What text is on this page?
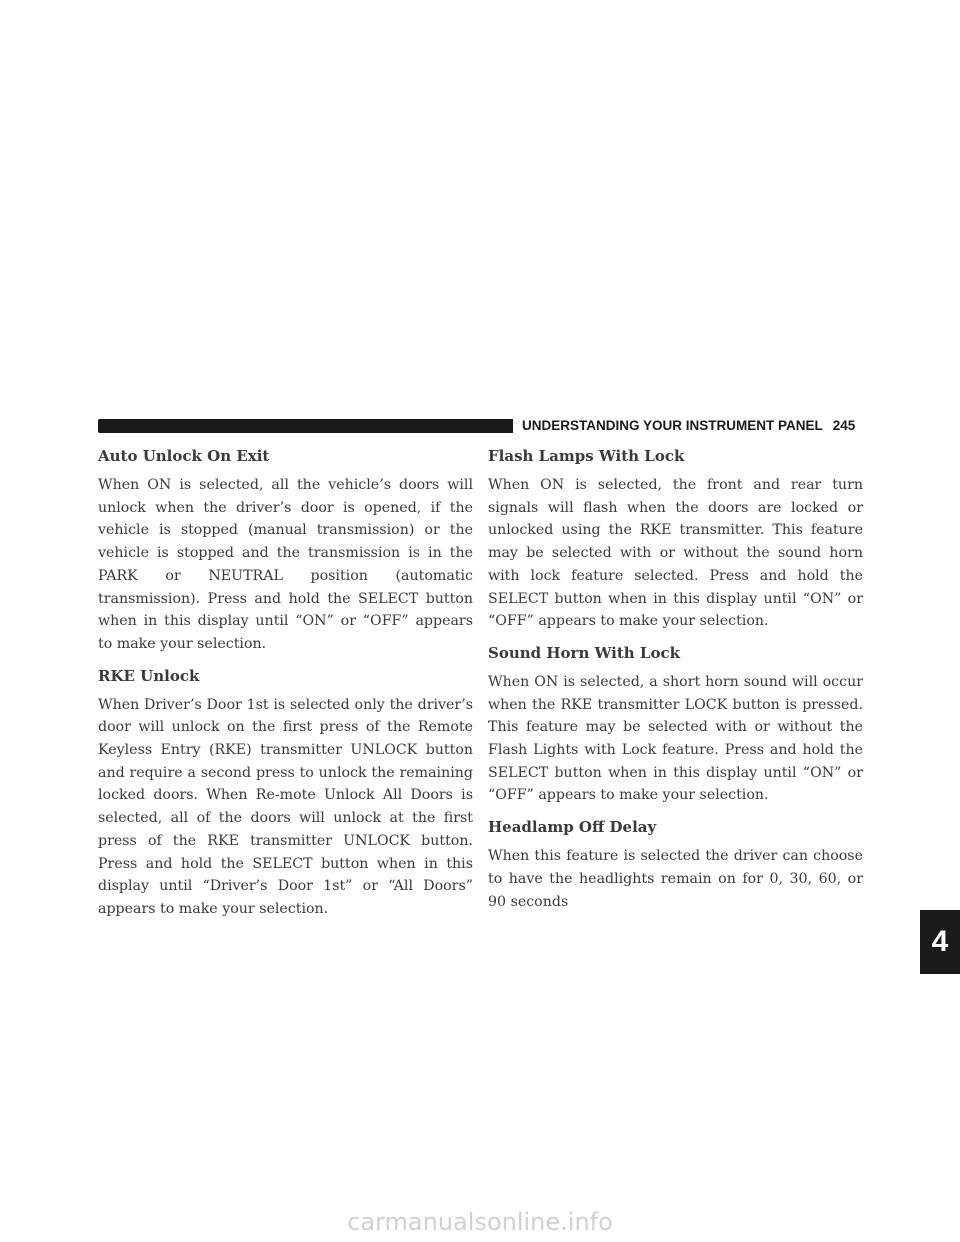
UNDERSTANDING YOUR INSTRUMENT PANEL 245
Auto Unlock On Exit

When ON is selected, all the vehicle’s doors will unlock when the driver’s door is opened, if the vehicle is stopped (manual transmission) or the vehicle is stopped and the transmission is in the PARK or NEUTRAL position (automatic transmission). Press and hold the SELECT button when in this display until “ON” or “OFF” appears to make your selection.

RKE Unlock

When Driver’s Door 1st is selected only the driver’s door will unlock on the first press of the Remote Keyless Entry (RKE) transmitter UNLOCK button and require a second press to unlock the remaining locked doors. When Re-mote Unlock All Doors is selected, all of the doors will unlock at the first press of the RKE transmitter UNLOCK button. Press and hold the SELECT button when in this display until “Driver’s Door 1st” or “All Doors” appears to make your selection.

Flash Lamps With Lock

When ON is selected, the front and rear turn signals will flash when the doors are locked or unlocked using the RKE transmitter. This feature may be selected with or without the sound horn with lock feature selected. Press and hold the SELECT button when in this display until “ON” or “OFF” appears to make your selection.

Sound Horn With Lock

When ON is selected, a short horn sound will occur when the RKE transmitter LOCK button is pressed. This feature may be selected with or without the Flash Lights with Lock feature. Press and hold the SELECT button when in this display until “ON” or “OFF” appears to make your selection.

Headlamp Off Delay

When this feature is selected the driver can choose to have the headlights remain on for 0, 30, 60, or 90 seconds

4
carmanualsonline.info
